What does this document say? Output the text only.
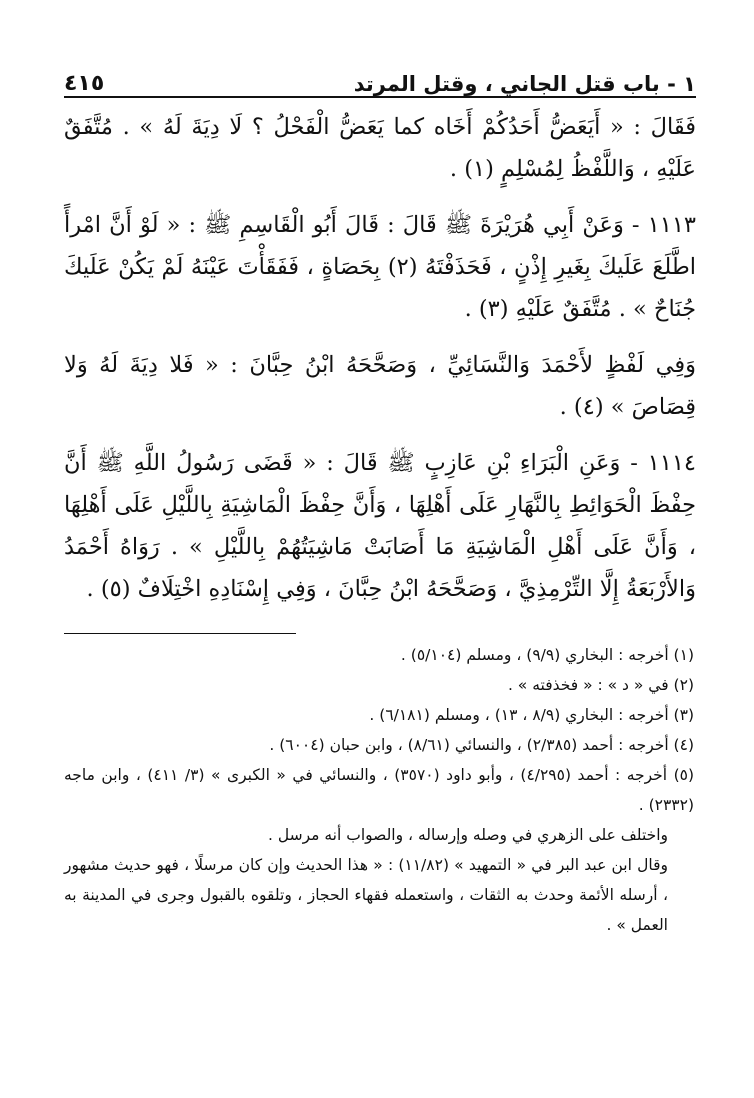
١ - باب قتل الجاني ، وقتل المرتد
٤١٥

فَقَالَ : « أَيَعَضُّ أَحَدُكُمْ أَخَاه كما يَعَضُّ الْفَحْلُ ؟ لَا دِيَةَ لَهُ » . مُتَّفَقٌ عَلَيْهِ ، وَاللَّفْظُ لِمُسْلِمٍ (١) .

١١١٣ - وَعَنْ أَبِي هُرَيْرَةَ ﷺ قَالَ : قَالَ أَبُو الْقَاسِمِ ﷺ : « لَوْ أَنَّ امْرأً اطَّلَعَ عَلَيكَ بِغَيرِ إِذْنٍ ، فَحَذَفْتَهُ (٢) بِحَصَاةٍ ، فَفَقَأْتَ عَيْنَهُ لَمْ يَكُنْ عَلَيكَ جُنَاحٌ » . مُتَّفَقٌ عَلَيْهِ (٣) .

وَفِي لَفْظٍ لأَحْمَدَ وَالنَّسَائِيِّ ، وَصَحَّحَهُ ابْنُ حِبَّانَ : « فَلا دِيَةَ لَهُ وَلا قِصَاصَ » (٤) .

١١١٤ - وَعَنِ الْبَرَاءِ بْنِ عَازِبٍ ﷺ قَالَ : « قَضَى رَسُولُ اللَّهِ ﷺ أَنَّ حِفْظَ الْحَوَائِطِ بِالنَّهَارِ عَلَى أَهْلِهَا ، وَأَنَّ حِفْظَ الْمَاشِيَةِ بِاللَّيْلِ عَلَى أَهْلِهَا ، وَأَنَّ عَلَى أَهْلِ الْمَاشِيَةِ مَا أَصَابَتْ مَاشِيَتُهُمْ بِاللَّيْلِ » . رَوَاهُ أَحْمَدُ وَالأَرْبَعَةُ إِلَّا التِّرْمِذِيَّ ، وَصَحَّحَهُ ابْنُ حِبَّانَ ، وَفِي إِسْنَادِهِ اخْتِلَافٌ (٥) .

(١) أخرجه : البخاري (٩/٩) ، ومسلم (٥/١٠٤) .

(٢) في « د » : « فخذفته » .

(٣) أخرجه : البخاري (٨/٩ ، ١٣) ، ومسلم (٦/١٨١) .

(٤) أخرجه : أحمد (٢/٣٨٥) ، والنسائي (٨/٦١) ، وابن حبان (٦٠٠٤) .

(٥) أخرجه : أحمد (٤/٢٩٥) ، وأبو داود (٣٥٧٠) ، والنسائي في « الكبرى » (٣/ ٤١١) ، وابن ماجه (٢٣٣٢) .

واختلف على الزهري في وصله وإرساله ، والصواب أنه مرسل .

وقال ابن عبد البر في « التمهيد » (١١/٨٢) : « هذا الحديث وإن كان مرسلًا ، فهو حديث مشهور ، أرسله الأئمة وحدث به الثقات ، واستعمله فقهاء الحجاز ، وتلقوه بالقبول وجرى في المدينة به العمل » .
